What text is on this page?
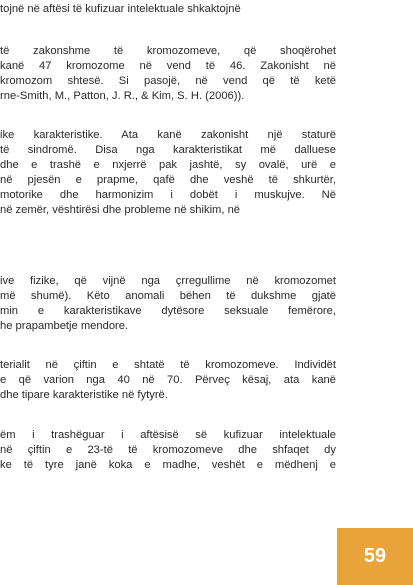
tojnë në aftësi të kufizuar intelektuale shkaktojnë
të zakonshme të kromozomeve, që shoqërohet
kanë 47 kromozome në vend të 46. Zakonisht në
kromozom shtesë. Si pasojë, në vend që të ketë
rne-Smith, M., Patton, J. R., & Kim, S. H. (2006)).
ike karakteristike. Ata kanë zakonisht një staturë
të sindromë. Disa nga karakteristikat më dalluese
dhe e trashë e nxjerrë pak jashtë, sy ovalë, urë e
në pjesën e prapme, qafë dhe veshë të shkurtër,
motorike dhe harmonizim i dobët i muskujve. Në
në zemër, vështirësi dhe probleme në shikim, në
ive fizike, që vijnë nga çrregullime në kromozomet
më shumë). Këto anomali bëhen të dukshme gjatë
min e karakteristikave dytësore seksuale femërore,
he prapambetje mendore.
terialit në çiftin e shtatë të kromozomeve. Individët
e që varion nga 40 në 70. Përveç kësaj, ata kanë
dhe tipare karakteristike në fytyrë.
ëm i trashëguar i aftësisë së kufizuar intelektuale
në çiftin e 23-të të kromozomeve dhe shfaqet dy
ke të tyre janë koka e madhe, veshët e mëdhenj e
59
